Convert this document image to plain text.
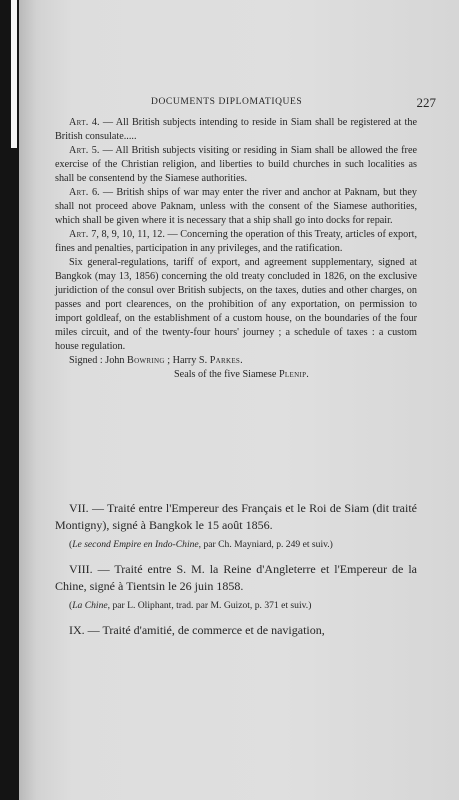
DOCUMENTS DIPLOMATIQUES	227

Art. 4. — All British subjects intending to reside in Siam shall be registered at the British consulate.....

Art. 5. — All British subjects visiting or residing in Siam shall be allowed the free exercise of the Christian religion, and liberties to build churches in such localities as shall be consentend by the Siamese authorities.

Art. 6. — British ships of war may enter the river and anchor at Paknam, but they shall not proceed above Paknam, unless with the consent of the Siamese authorities, which shall be given where it is necessary that a ship shall go into docks for repair.

Art. 7, 8, 9, 10, 11, 12. — Concerning the operation of this Treaty, articles of export, fines and penalties, participation in any privileges, and the ratification.

Six general-regulations, tariff of export, and agreement supplementary, signed at Bangkok (may 13, 1856) concerning the old treaty concluded in 1826, on the exclusive juridiction of the consul over British subjects, on the taxes, duties and other charges, on passes and port clearences, on the prohibition of any exportation, on permission to import goldleaf, on the establishment of a custom house, on the boundaries of the four miles circuit, and of the twenty-four hours' journey ; a schedule of taxes : a custom house regulation.

Signed : John Bowring ; Harry S. Parkes.

Seals of the five Siamese Plenip.

VII. — Traité entre l'Empereur des Français et le Roi de Siam (dit traité Montigny), signé à Bangkok le 15 août 1856.

(Le second Empire en Indo-Chine, par Ch. Mayniard, p. 249 et suiv.)

VIII. — Traité entre S. M. la Reine d'Angleterre et l'Empereur de la Chine, signé à Tientsin le 26 juin 1858.

(La Chine, par L. Oliphant, trad. par M. Guizot, p. 371 et suiv.)

IX. — Traité d'amitié, de commerce et de navigation,
